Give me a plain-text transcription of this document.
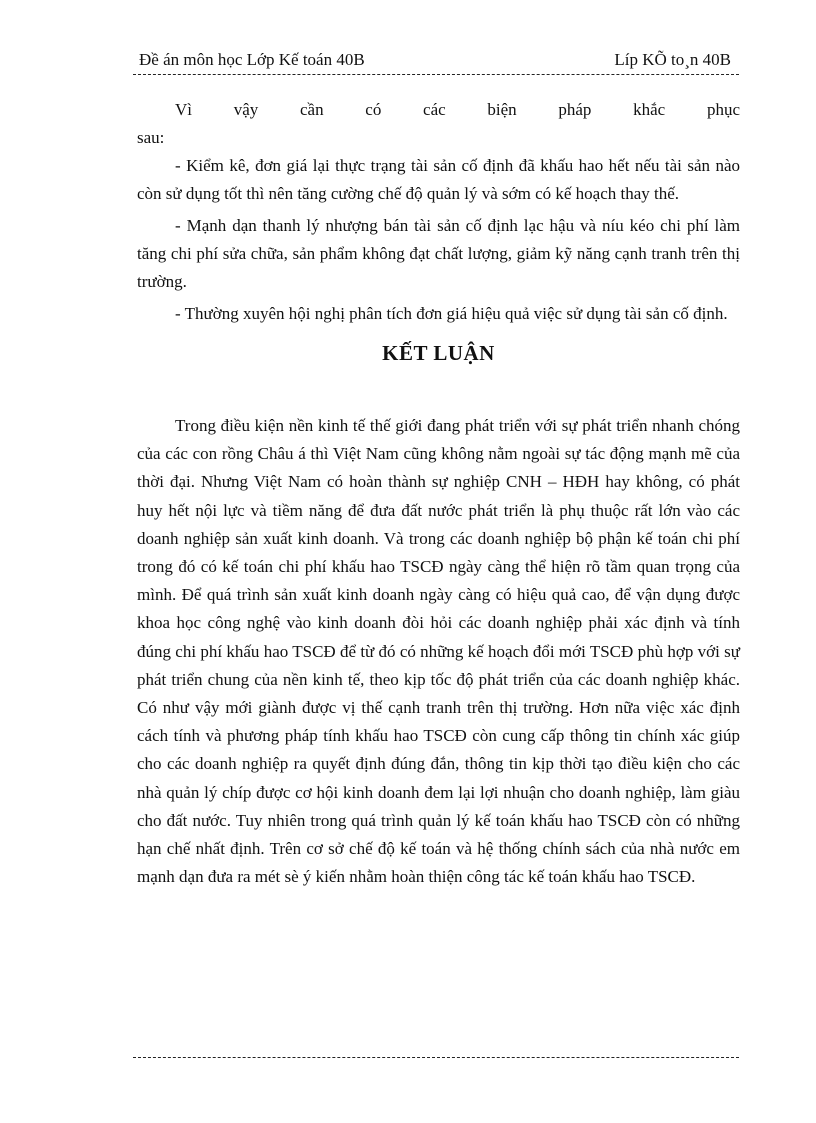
Đề án môn học Lớp Kế toán 40B	Líp KÕ to¸n 40B

Vì vậy cần có các biện pháp khắc phục sau:

- Kiểm kê, đơn giá lại thực trạng tài sản cố định đã khấu hao hết nếu tài sản nào còn sử dụng tốt thì nên tăng cường chế độ quản lý và sớm có kế hoạch thay thế.

- Mạnh dạn thanh lý nhượng bán tài sản cố định lạc hậu và níu kéo chi phí làm tăng chi phí sửa chữa, sản phẩm không đạt chất lượng, giảm kỹ năng cạnh tranh trên thị trường.

- Thường xuyên hội nghị phân tích đơn giá hiệu quả việc sử dụng tài sản cố định.

KẾT LUẬN

Trong điều kiện nền kinh tế thế giới đang phát triển với sự phát triển nhanh chóng của các con rồng Châu á thì Việt Nam cũng không nằm ngoài sự tác động mạnh mẽ của thời đại. Nhưng Việt Nam có hoàn thành sự nghiệp CNH – HĐH hay không, có phát huy hết nội lực và tiềm năng để đưa đất nước phát triển là phụ thuộc rất lớn vào các doanh nghiệp sản xuất kinh doanh. Và trong các doanh nghiệp bộ phận kế toán chi phí trong đó có kế toán chi phí khấu hao TSCĐ ngày càng thể hiện rõ tầm quan trọng của mình. Để quá trình sản xuất kinh doanh ngày càng có hiệu quả cao, để vận dụng được khoa học công nghệ vào kinh doanh đòi hỏi các doanh nghiệp phải xác định và tính đúng chi phí khấu hao TSCĐ để từ đó có những kế hoạch đổi mới TSCĐ phù hợp với sự phát triển chung của nền kinh tế, theo kịp tốc độ phát triển của các doanh nghiệp khác. Có như vậy mới giành được vị thế cạnh tranh trên thị trường. Hơn nữa việc xác định cách tính và phương pháp tính khấu hao TSCĐ còn cung cấp thông tin chính xác giúp cho các doanh nghiệp ra quyết định đúng đắn, thông tin kịp thời tạo điều kiện cho các nhà quản lý chíp được cơ hội kinh doanh đem lại lợi nhuận cho doanh nghiệp, làm giàu cho đất nước. Tuy nhiên trong quá trình quản lý kế toán khấu hao TSCĐ còn có những hạn chế nhất định. Trên cơ sở chế độ kế toán và hệ thống chính sách của nhà nước em mạnh dạn đưa ra mét sè ý kiến nhằm hoàn thiện công tác kế toán khấu hao TSCĐ.
